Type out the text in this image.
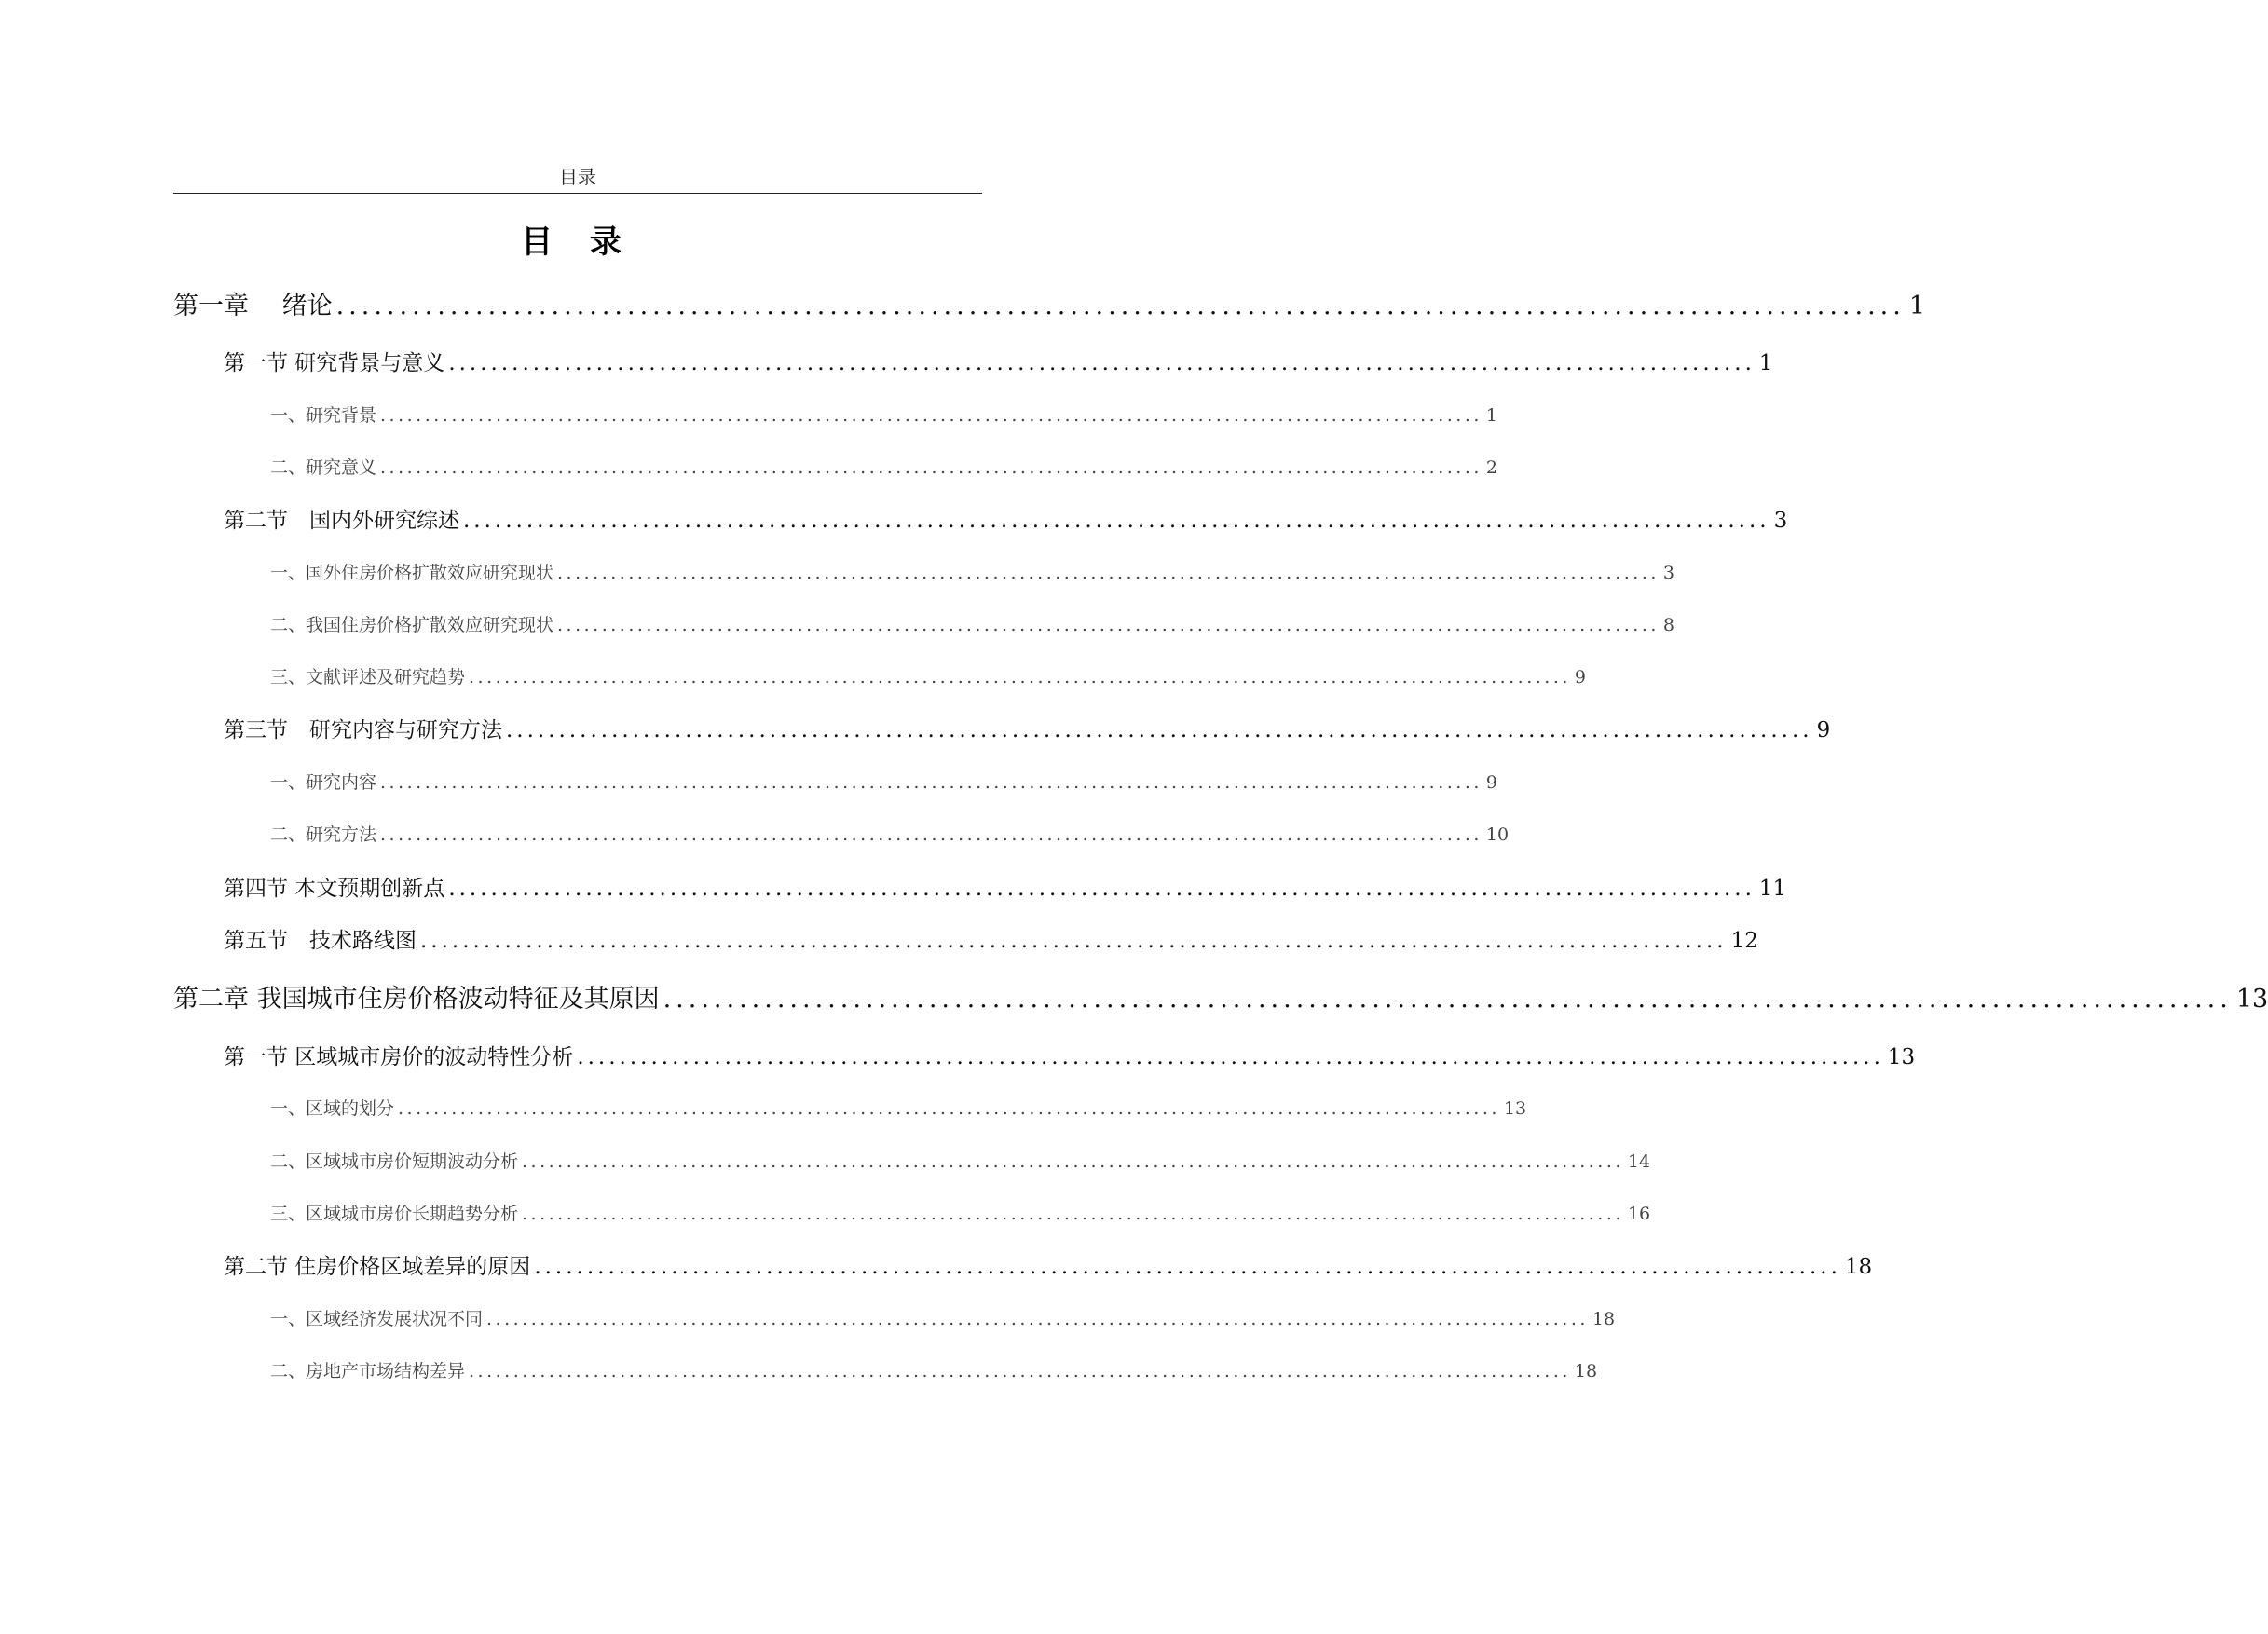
目录
目 录
第一章　 绪论 ............................................................................................................................ 1
第一节 研究背景与意义 ............................................................................................................................ 1
一、研究背景 ............................................................................................................................ 1
二、研究意义 ............................................................................................................................ 2
第二节　国内外研究综述 ............................................................................................................................ 3
一、国外住房价格扩散效应研究现状 ............................................................................................................................ 3
二、我国住房价格扩散效应研究现状 ............................................................................................................................ 8
三、文献评述及研究趋势 ............................................................................................................................ 9
第三节　研究内容与研究方法 ............................................................................................................................ 9
一、研究内容 ............................................................................................................................ 9
二、研究方法 ............................................................................................................................ 10
第四节 本文预期创新点 ............................................................................................................................ 11
第五节　技术路线图 ............................................................................................................................ 12
第二章 我国城市住房价格波动特征及其原因 ............................................................................................................................ 13
第一节 区域城市房价的波动特性分析 ............................................................................................................................ 13
一、区域的划分 ............................................................................................................................ 13
二、区域城市房价短期波动分析 ............................................................................................................................ 14
三、区域城市房价长期趋势分析 ............................................................................................................................ 16
第二节 住房价格区域差异的原因 ............................................................................................................................ 18
一、区域经济发展状况不同 ............................................................................................................................ 18
二、房地产市场结构差异 ............................................................................................................................ 18
